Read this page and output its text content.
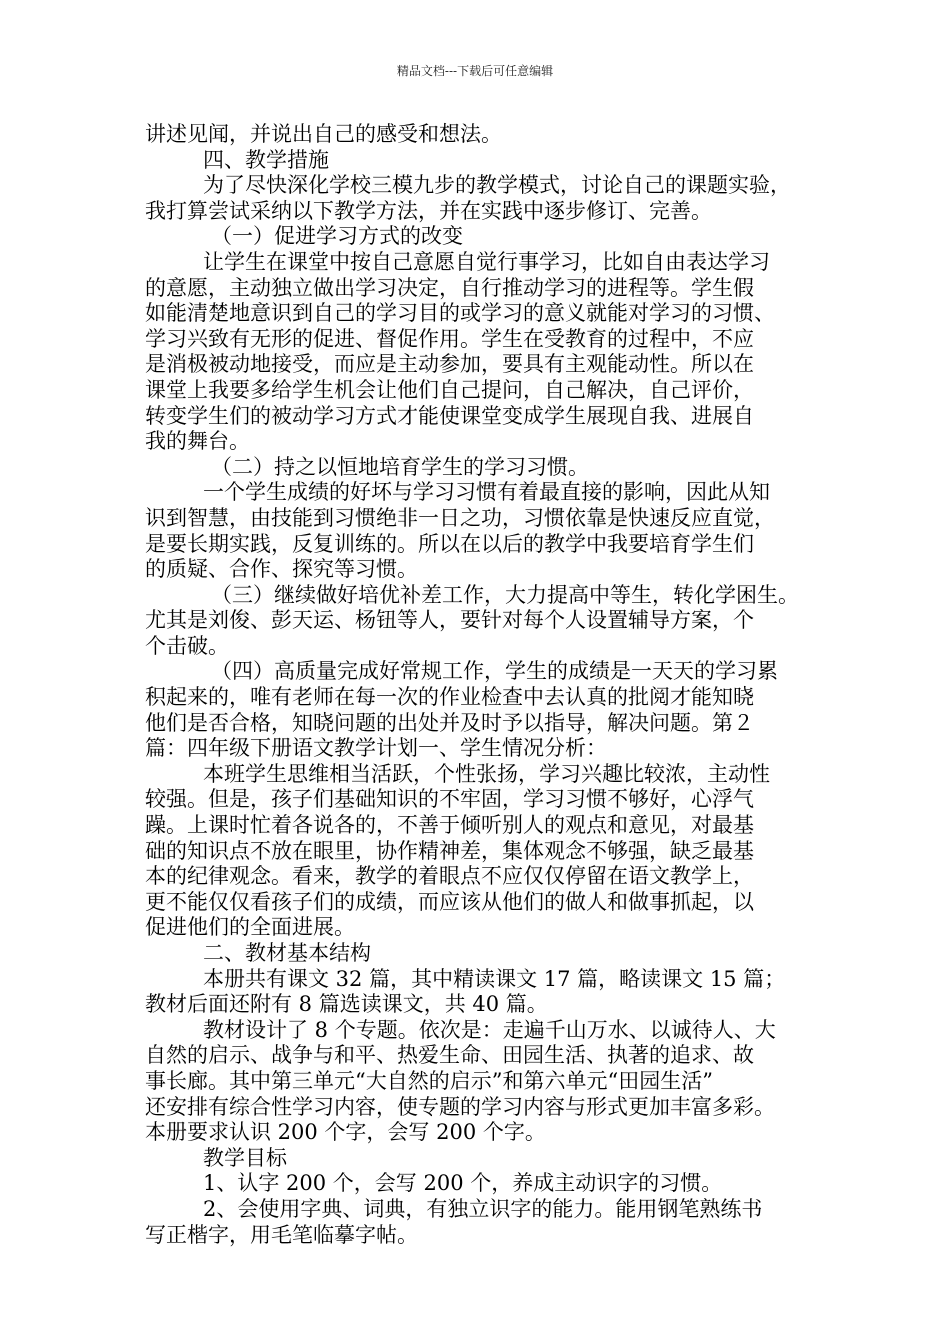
精品文档---下载后可任意编辑
讲述见闻，并说出自己的感受和想法。
四、教学措施
为了尽快深化学校三模九步的教学模式，讨论自己的课题实验，
我打算尝试采纳以下教学方法，并在实践中逐步修订、完善。
（一）促进学习方式的改变
让学生在课堂中按自己意愿自觉行事学习，比如自由表达学习
的意愿，主动独立做出学习决定，自行推动学习的进程等。学生假
如能清楚地意识到自己的学习目的或学习的意义就能对学习的习惯、
学习兴致有无形的促进、督促作用。学生在受教育的过程中，不应
是消极被动地接受，而应是主动参加，要具有主观能动性。所以在
课堂上我要多给学生机会让他们自己提问，自己解决，自己评价，
转变学生们的被动学习方式才能使课堂变成学生展现自我、进展自
我的舞台。
（二）持之以恒地培育学生的学习习惯。
一个学生成绩的好坏与学习习惯有着最直接的影响，因此从知
识到智慧，由技能到习惯绝非一日之功，习惯依靠是快速反应直觉，
是要长期实践，反复训练的。所以在以后的教学中我要培育学生们
的质疑、合作、探究等习惯。
（三）继续做好培优补差工作，大力提高中等生，转化学困生。
尤其是刘俊、彭天运、杨钮等人，要针对每个人设置辅导方案，个
个击破。
（四）高质量完成好常规工作，学生的成绩是一天天的学习累
积起来的，唯有老师在每一次的作业检查中去认真的批阅才能知晓
他们是否合格，知晓问题的出处并及时予以指导，解决问题。第２
篇：四年级下册语文教学计划一、学生情况分析：
本班学生思维相当活跃，个性张扬，学习兴趣比较浓，主动性
较强。但是，孩子们基础知识的不牢固，学习习惯不够好，心浮气
躁。上课时忙着各说各的，不善于倾听别人的观点和意见，对最基
础的知识点不放在眼里，协作精神差，集体观念不够强，缺乏最基
本的纪律观念。看来，教学的着眼点不应仅仅停留在语文教学上，
更不能仅仅看孩子们的成绩，而应该从他们的做人和做事抓起，以
促进他们的全面进展。
二、教材基本结构
本册共有课文 32 篇，其中精读课文 17 篇，略读课文 15 篇；
教材后面还附有 8 篇选读课文，共 40 篇。
教材设计了 8 个专题。依次是：走遍千山万水、以诚待人、大
自然的启示、战争与和平、热爱生命、田园生活、执著的追求、故
事长廊。其中第三单元“大自然的启示”和第六单元“田园生活”
还安排有综合性学习内容，使专题的学习内容与形式更加丰富多彩。
本册要求认识 200 个字，会写 200 个字。
教学目标
1、认字 200 个，会写 200 个，养成主动识字的习惯。
2、会使用字典、词典，有独立识字的能力。能用钢笔熟练书
写正楷字，用毛笔临摹字帖。
